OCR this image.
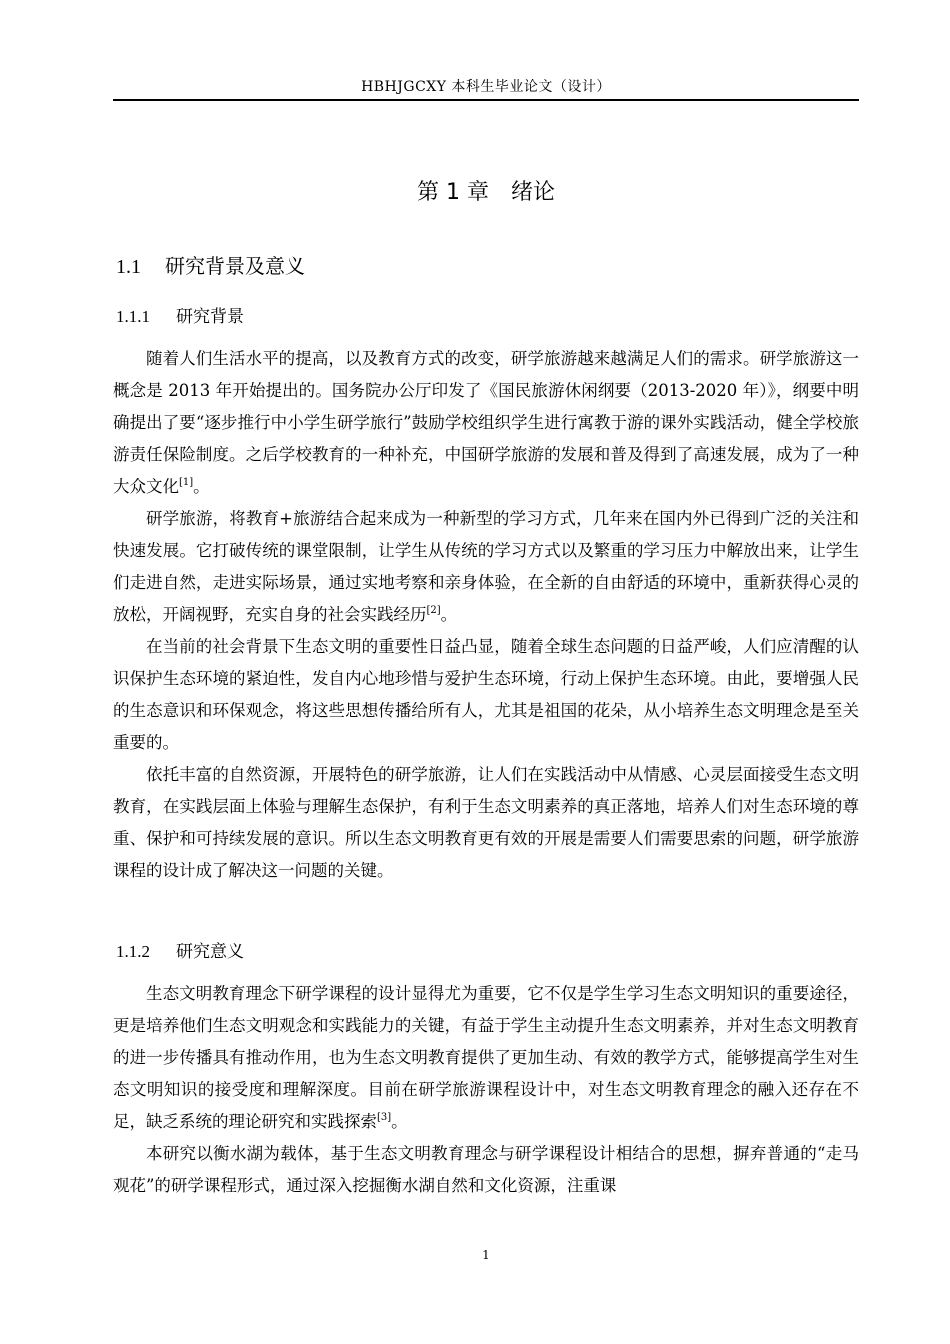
HBHJGCXY 本科生毕业论文（设计）
第 1 章　绪论
1.1 研究背景及意义
1.1.1 研究背景

随着人们生活水平的提高，以及教育方式的改变，研学旅游越来越满足人们的需求。研学旅游这一概念是 2013 年开始提出的。国务院办公厅印发了《国民旅游休闲纲要（2013-2020 年）》，纲要中明确提出了要“逐步推行中小学生研学旅行”鼓励学校组织学生进行寓教于游的课外实践活动，健全学校旅游责任保险制度。之后学校教育的一种补充，中国研学旅游的发展和普及得到了高速发展，成为了一种大众文化[1]。

研学旅游，将教育+旅游结合起来成为一种新型的学习方式，几年来在国内外已得到广泛的关注和快速发展。它打破传统的课堂限制，让学生从传统的学习方式以及繁重的学习压力中解放出来，让学生们走进自然，走进实际场景，通过实地考察和亲身体验，在全新的自由舒适的环境中，重新获得心灵的放松，开阔视野，充实自身的社会实践经历[2]。

在当前的社会背景下生态文明的重要性日益凸显，随着全球生态问题的日益严峻，人们应清醒的认识保护生态环境的紧迫性，发自内心地珍惜与爱护生态环境，行动上保护生态环境。由此，要增强人民的生态意识和环保观念，将这些思想传播给所有人，尤其是祖国的花朵，从小培养生态文明理念是至关重要的。

依托丰富的自然资源，开展特色的研学旅游，让人们在实践活动中从情感、心灵层面接受生态文明教育，在实践层面上体验与理解生态保护，有利于生态文明素养的真正落地，培养人们对生态环境的尊重、保护和可持续发展的意识。所以生态文明教育更有效的开展是需要人们需要思索的问题，研学旅游课程的设计成了解决这一问题的关键。

1.1.2 研究意义

生态文明教育理念下研学课程的设计显得尤为重要，它不仅是学生学习生态文明知识的重要途径，更是培养他们生态文明观念和实践能力的关键，有益于学生主动提升生态文明素养，并对生态文明教育的进一步传播具有推动作用，也为生态文明教育提供了更加生动、有效的教学方式，能够提高学生对生态文明知识的接受度和理解深度。目前在研学旅游课程设计中，对生态文明教育理念的融入还存在不足，缺乏系统的理论研究和实践探索[3]。

本研究以衡水湖为载体，基于生态文明教育理念与研学课程设计相结合的思想，摒弃普通的“走马观花”的研学课程形式，通过深入挖掘衡水湖自然和文化资源，注重课

1
